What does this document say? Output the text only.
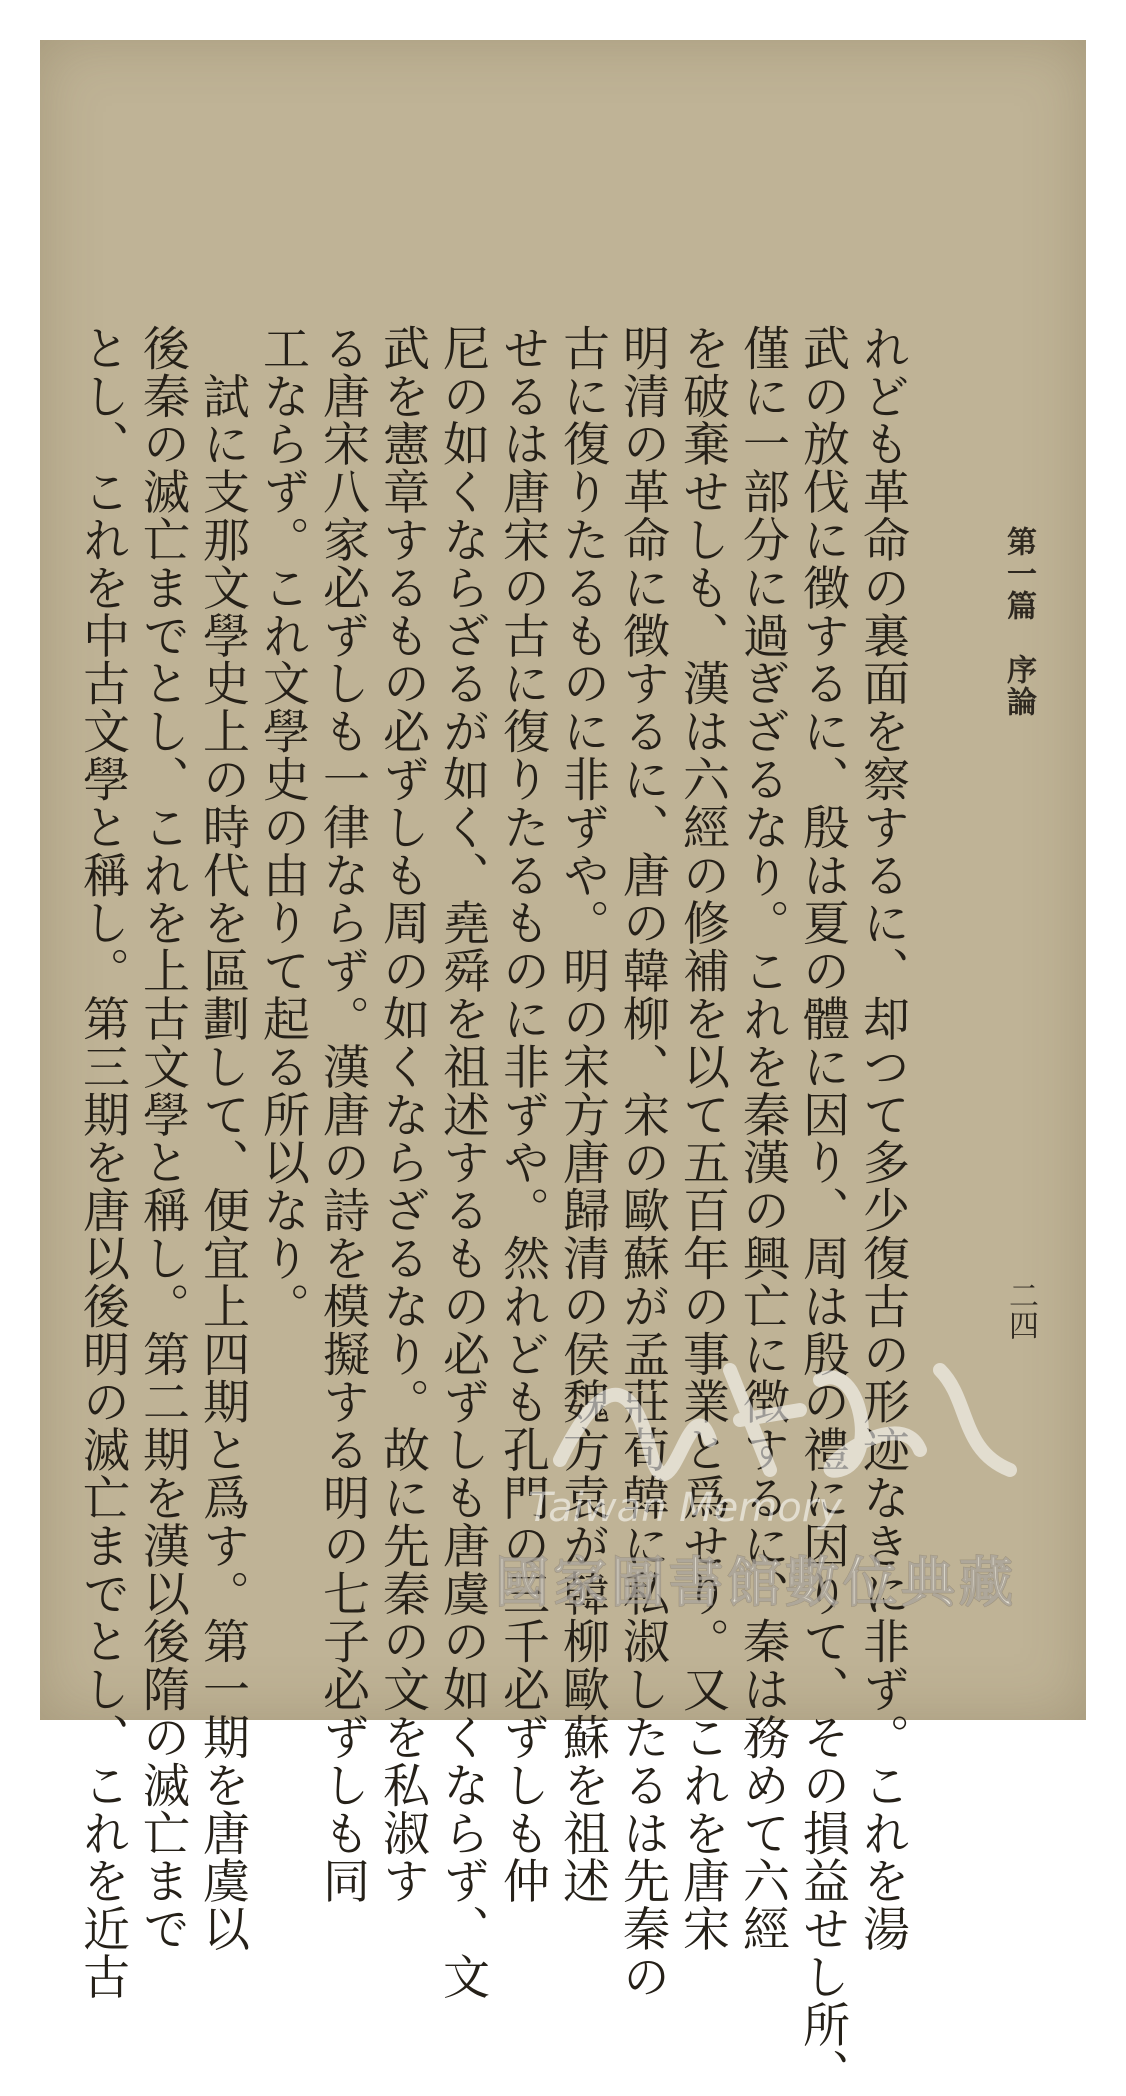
第一篇　序論
二四
れども革命の裏面を察するに、却つて多少復古の形迹なきに非ず。これを湯
武の放伐に徴するに、殷は夏の體に因り、周は殷の禮に因りて、その損益せし所、
僅に一部分に過ぎざるなり。これを秦漢の興亡に徴するに、秦は務めて六經
を破棄せしも、漢は六經の修補を以て五百年の事業と爲せり。又これを唐宋
明清の革命に徴するに、唐の韓柳、宋の歐蘇が孟莊荀韓に私淑したるは先秦の
古に復りたるものに非ずや。明の宋方唐歸清の侯魏方袁が韓柳歐蘇を祖述
せるは唐宋の古に復りたるものに非ずや。然れども孔門の三千必ずしも仲
尼の如くならざるが如く、堯舜を祖述するもの必ずしも唐虞の如くならず、文
武を憲章するもの必ずしも周の如くならざるなり。故に先秦の文を私淑す
る唐宋八家必ずしも一律ならず。漢唐の詩を模擬する明の七子必ずしも同
工ならず。これ文學史の由りて起る所以なり。
　試に支那文學史上の時代を區劃して、便宜上四期と爲す。第一期を唐虞以
後秦の滅亡までとし、これを上古文學と稱し。第二期を漢以後隋の滅亡まで
とし、これを中古文學と稱し。第三期を唐以後明の滅亡までとし、これを近古	Taiwan Memory
國家圖書館數位典藏
